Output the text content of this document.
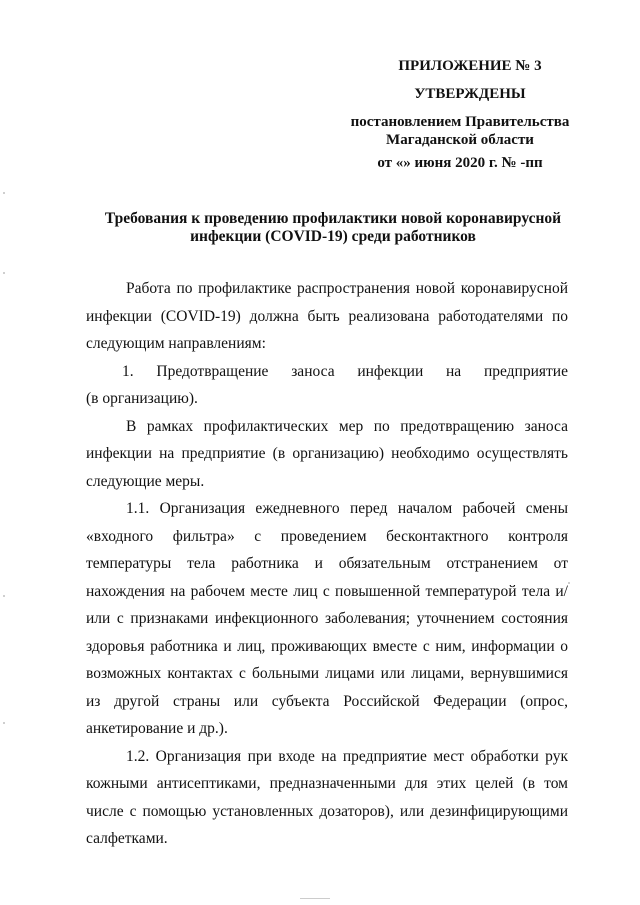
ПРИЛОЖЕНИЕ № 3
УТВЕРЖДЕНЫ
постановлением Правительства
Магаданской области
от «» июня 2020 г. № -пп
Требования к проведению профилактики новой коронавирусной
инфекции (COVID-19) среди работников

Работа по профилактике распространения новой коронавирусной инфекции (COVID-19) должна быть реализована работодателями по следующим направлениям:

1. Предотвращение заноса инфекции на предприятие

(в организацию).

В рамках профилактических мер по предотвращению заноса инфекции на предприятие (в организацию) необходимо осуществлять следующие меры.

1.1. Организация ежедневного перед началом рабочей смены «входного фильтра» с проведением бесконтактного контроля температуры тела работника и обязательным отстранением от нахождения на рабочем месте лиц с повышенной температурой тела и/или с признаками инфекционного заболевания; уточнением состояния здоровья работника и лиц, проживающих вместе с ним, информации о возможных контактах с больными лицами или лицами, вернувшимися из другой страны или субъекта Российской Федерации (опрос, анкетирование и др.).

1.2. Организация при входе на предприятие мест обработки рук кожными антисептиками, предназначенными для этих целей (в том числе с помощью установленных дозаторов), или дезинфицирующими салфетками.
